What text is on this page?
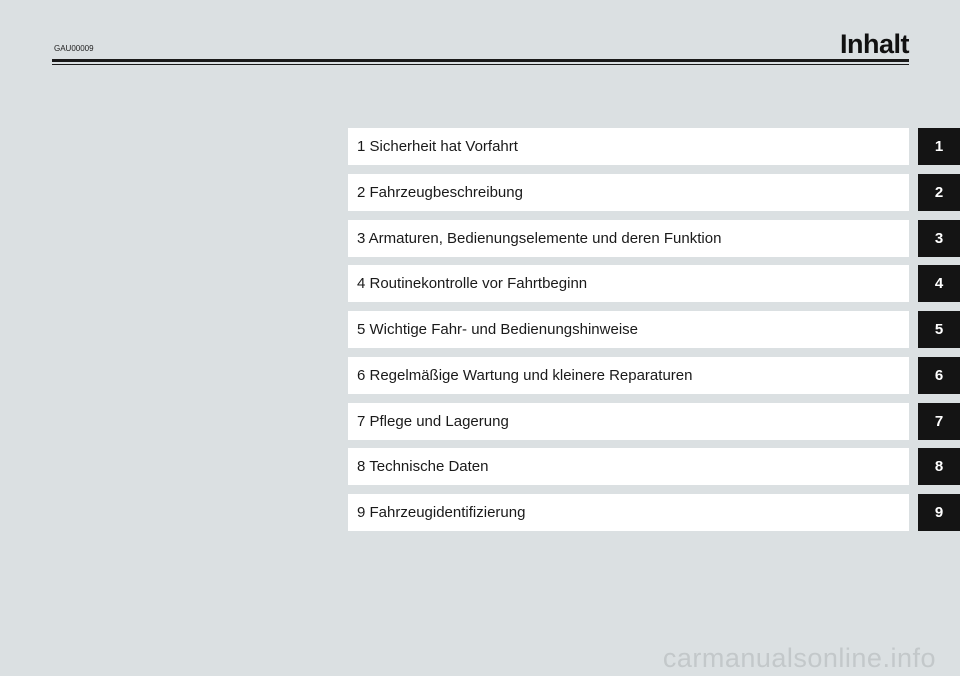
GAU00009	Inhalt
1 Sicherheit hat Vorfahrt	1
2 Fahrzeugbeschreibung	2
3 Armaturen, Bedienungselemente und deren Funktion	3
4 Routinekontrolle vor Fahrtbeginn	4
5 Wichtige Fahr- und Bedienungshinweise	5
6 Regelmäßige Wartung und kleinere Reparaturen	6
7 Pflege und Lagerung	7
8 Technische Daten	8
9 Fahrzeugidentifizierung	9
carmanualsonline.info
